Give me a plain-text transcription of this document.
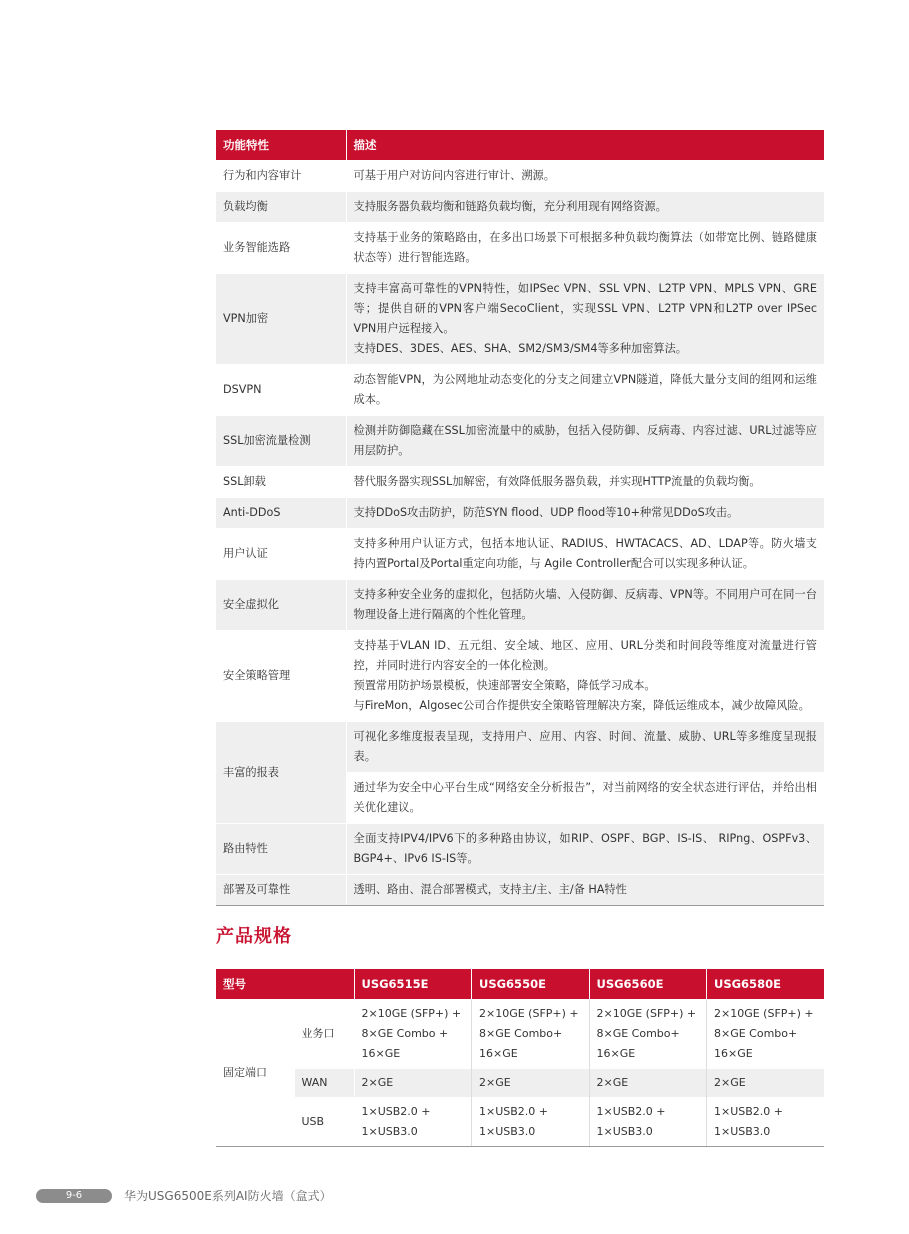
功能特性	描述
行为和内容审计	可基于用户对访问内容进行审计、溯源。

负载均衡	支持服务器负载均衡和链路负载均衡，充分利用现有网络资源。

业务智能选路	支持基于业务的策略路由，在多出口场景下可根据多种负载均衡算法（如带宽比例、链路健康状态等）进行智能选路。

VPN加密	支持丰富高可靠性的VPN特性，如IPSec VPN、SSL VPN、L2TP VPN、MPLS VPN、GRE等；提供自研的VPN客户端SecoClient，实现SSL VPN、L2TP VPN和L2TP over IPSec VPN用户远程接入。
支持DES、3DES、AES、SHA、SM2/SM3/SM4等多种加密算法。

DSVPN	动态智能VPN，为公网地址动态变化的分支之间建立VPN隧道，降低大量分支间的组网和运维成本。

SSL加密流量检测	检测并防御隐藏在SSL加密流量中的威胁，包括入侵防御、反病毒、内容过滤、URL过滤等应用层防护。

SSL卸载	替代服务器实现SSL加解密，有效降低服务器负载，并实现HTTP流量的负载均衡。

Anti-DDoS	支持DDoS攻击防护，防范SYN flood、UDP flood等10+种常见DDoS攻击。

用户认证	支持多种用户认证方式，包括本地认证、RADIUS、HWTACACS、AD、LDAP等。防火墙支持内置Portal及Portal重定向功能，与 Agile Controller配合可以实现多种认证。

安全虚拟化	支持多种安全业务的虚拟化，包括防火墙、入侵防御、反病毒、VPN等。不同用户可在同一台物理设备上进行隔离的个性化管理。

安全策略管理	支持基于VLAN ID、五元组、安全域、地区、应用、URL分类和时间段等维度对流量进行管控，并同时进行内容安全的一体化检测。
预置常用防护场景模板，快速部署安全策略，降低学习成本。
与FireMon，Algosec公司合作提供安全策略管理解决方案，降低运维成本，减少故障风险。

丰富的报表	可视化多维度报表呈现，支持用户、应用、内容、时间、流量、威胁、URL等多维度呈现报表。

	通过华为安全中心平台生成“网络安全分析报告”，对当前网络的安全状态进行评估，并给出相关优化建议。

路由特性	全面支持IPV4/IPV6下的多种路由协议，如RIP、OSPF、BGP、IS-IS、 RIPng、OSPFv3、BGP4+、IPv6 IS-IS等。

部署及可靠性	透明、路由、混合部署模式，支持主/主、主/备 HA特性
产品规格
型号		USG6515E	USG6550E	USG6560E	USG6580E
固定端口	业务口	2×10GE (SFP+) +
8×GE Combo +
16×GE	2×10GE (SFP+) +
8×GE Combo+
16×GE	2×10GE (SFP+) +
8×GE Combo+
16×GE	2×10GE (SFP+) +
8×GE Combo+
16×GE

	WAN	2×GE	2×GE	2×GE	2×GE

	USB	1×USB2.0 +
1×USB3.0	1×USB2.0 +
1×USB3.0	1×USB2.0 +
1×USB3.0	1×USB2.0 +
1×USB3.0
9-6	华为USG6500E系列AI防火墙（盒式）
